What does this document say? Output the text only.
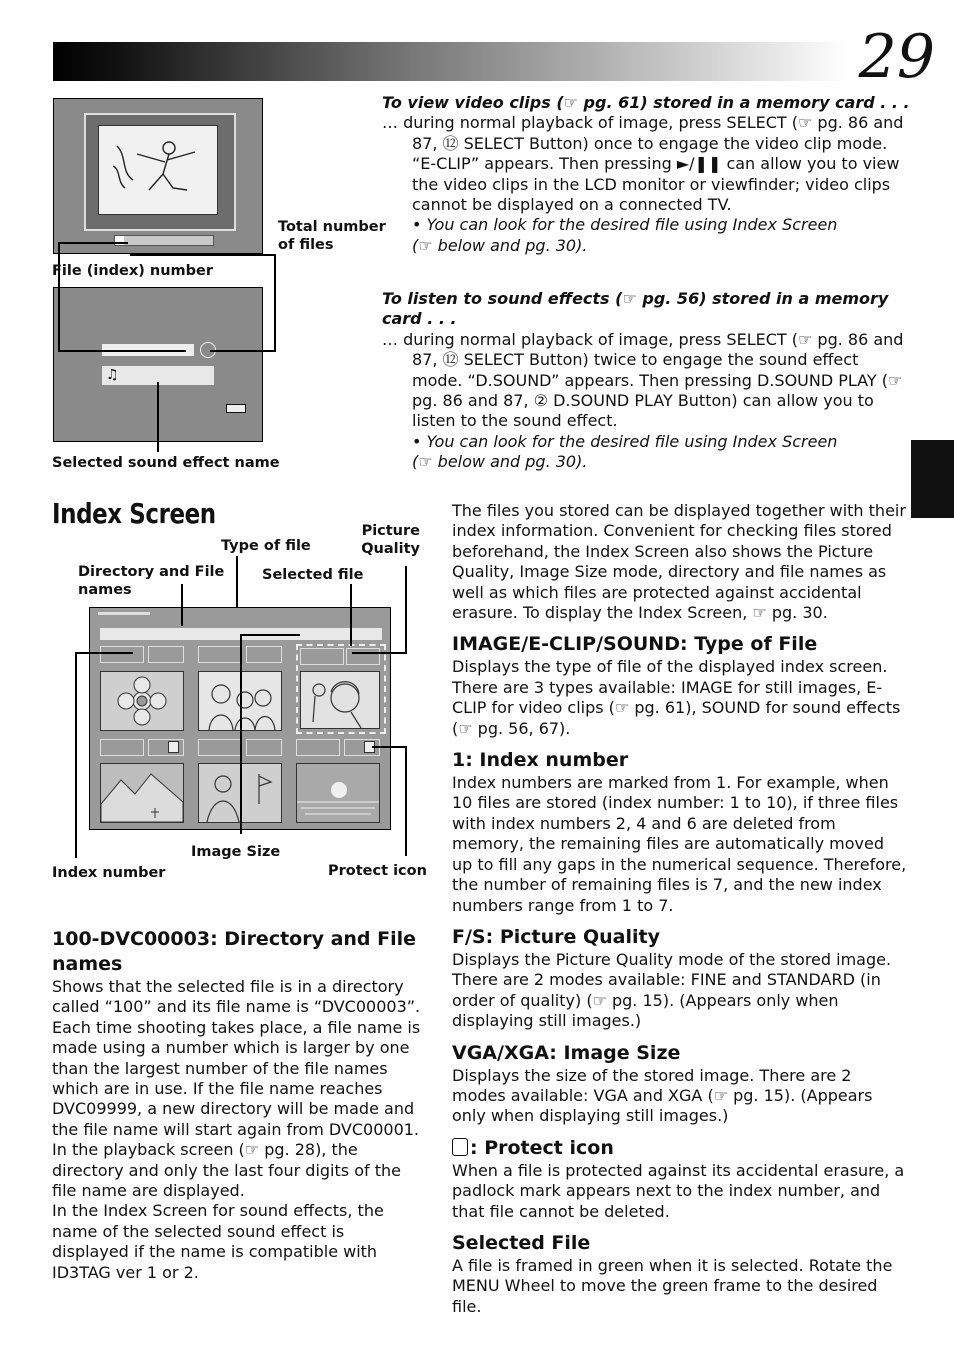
29
♫
Total number of files
File (index) number
Selected sound effect name

To view video clips (☞ pg. 61) stored in a memory card . . .

… during normal playback of image, press SELECT (☞ pg. 86 and 87, ⑫ SELECT Button) once to engage the video clip mode. “E-CLIP” appears. Then pressing ►/❚❚ can allow you to view the video clips in the LCD monitor or viewfinder; video clips cannot be displayed on a connected TV.

• You can look for the desired file using Index Screen (☞ below and pg. 30).

To listen to sound effects (☞ pg. 56) stored in a memory card . . .

… during normal playback of image, press SELECT (☞ pg. 86 and 87, ⑫ SELECT Button) twice to engage the sound effect mode. “D.SOUND” appears. Then pressing D.SOUND PLAY (☞ pg. 86 and 87, ② D.SOUND PLAY Button) can allow you to listen to the sound effect.

• You can look for the desired file using Index Screen (☞ below and pg. 30).

Index Screen
Type of file
Picture Quality
Directory and File names
Selected file
Image Size
Index number	Protect icon
100-DVC00003: Directory and File names

Shows that the selected file is in a directory called “100” and its file name is “DVC00003”. Each time shooting takes place, a file name is made using a number which is larger by one than the largest number of the file names which are in use. If the file name reaches DVC09999, a new directory will be made and the file name will start again from DVC00001. In the playback screen (☞ pg. 28), the directory and only the last four digits of the file name are displayed.

In the Index Screen for sound effects, the name of the selected sound effect is displayed if the name is compatible with ID3TAG ver 1 or 2.

The files you stored can be displayed together with their index information. Convenient for checking files stored beforehand, the Index Screen also shows the Picture Quality, Image Size mode, directory and file names as well as which files are protected against accidental erasure. To display the Index Screen, ☞ pg. 30.

IMAGE/E-CLIP/SOUND: Type of File

Displays the type of file of the displayed index screen. There are 3 types available: IMAGE for still images, E-CLIP for video clips (☞ pg. 61), SOUND for sound effects (☞ pg. 56, 67).

1: Index number

Index numbers are marked from 1. For example, when 10 files are stored (index number: 1 to 10), if three files with index numbers 2, 4 and 6 are deleted from memory, the remaining files are automatically moved up to fill any gaps in the numerical sequence. Therefore, the number of remaining files is 7, and the new index numbers range from 1 to 7.

F/S: Picture Quality

Displays the Picture Quality mode of the stored image. There are 2 modes available: FINE and STANDARD (in order of quality) (☞ pg. 15). (Appears only when displaying still images.)

VGA/XGA: Image Size

Displays the size of the stored image. There are 2 modes available: VGA and XGA (☞ pg. 15). (Appears only when displaying still images.)

: Protect icon

When a file is protected against its accidental erasure, a padlock mark appears next to the index number, and that file cannot be deleted.

Selected File

A file is framed in green when it is selected. Rotate the MENU Wheel to move the green frame to the desired file.
